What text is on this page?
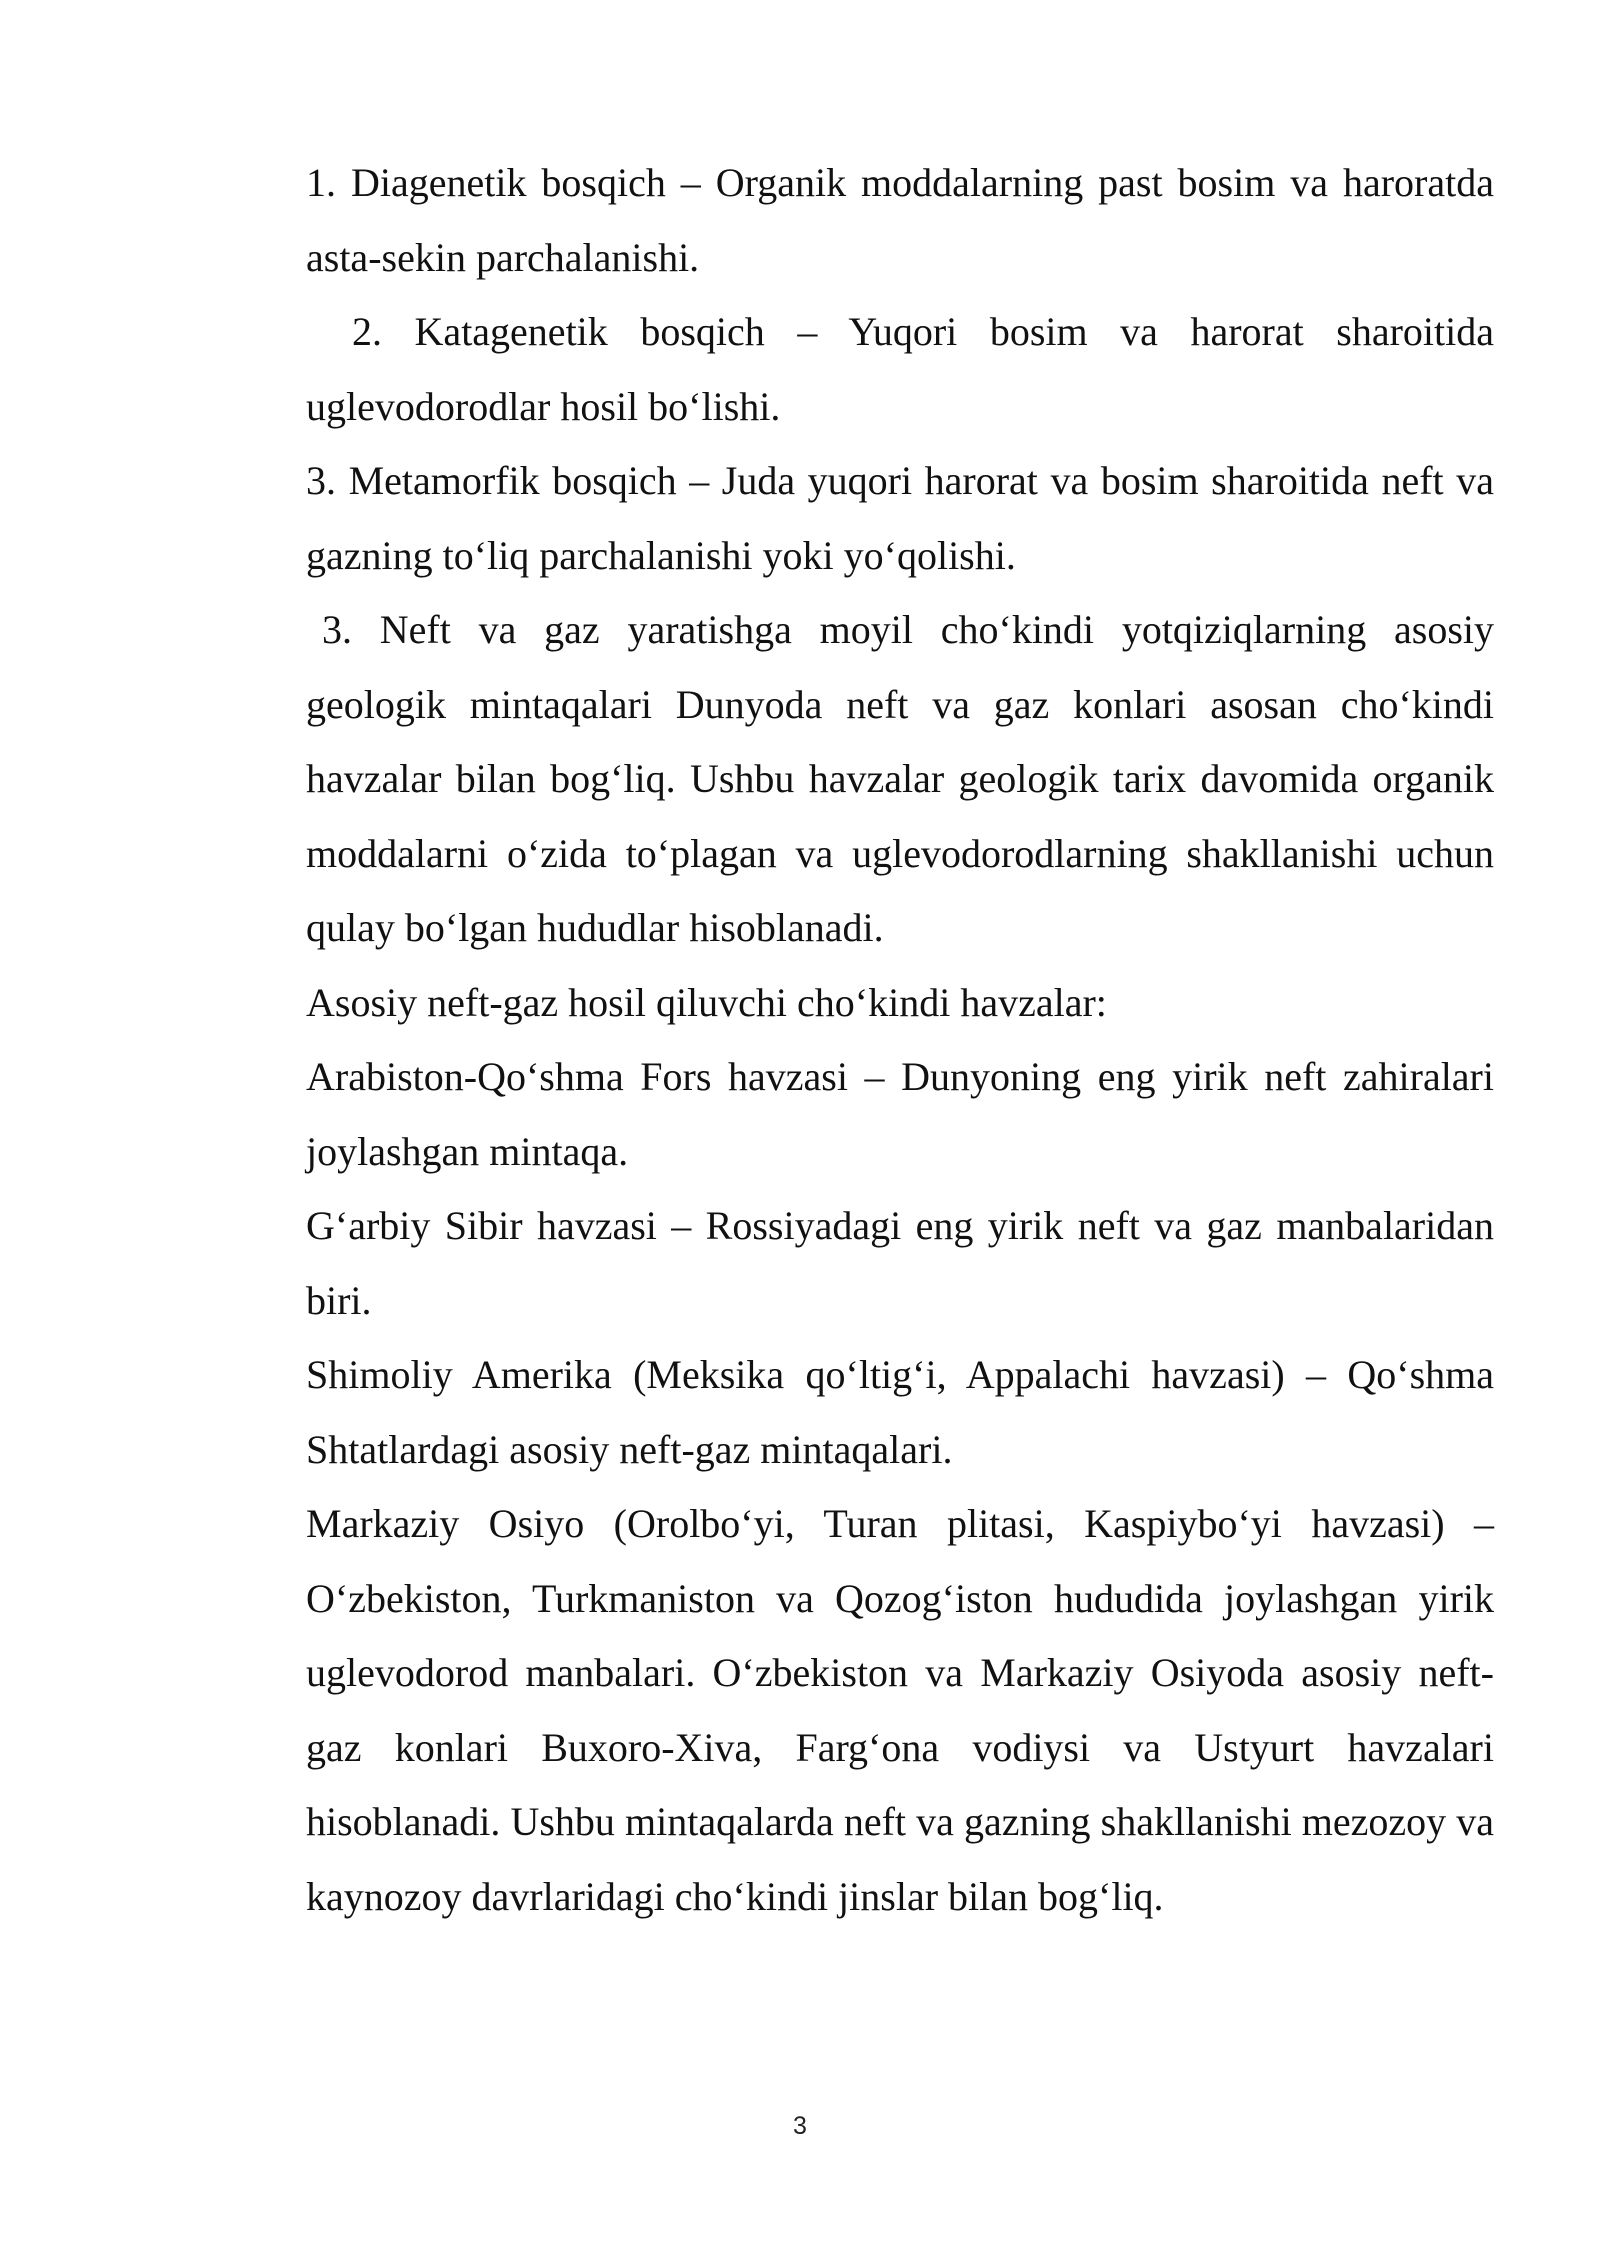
1. Diagenetik bosqich – Organik moddalarning past bosim va haroratda asta-sekin parchalanishi.

2. Katagenetik bosqich – Yuqori bosim va harorat sharoitida uglevodorodlar hosil bo‘lishi.

3. Metamorfik bosqich – Juda yuqori harorat va bosim sharoitida neft va gazning to‘liq parchalanishi yoki yo‘qolishi.

3. Neft va gaz yaratishga moyil cho‘kindi yotqiziqlarning asosiy geologik mintaqalari Dunyoda neft va gaz konlari asosan cho‘kindi havzalar bilan bog‘liq. Ushbu havzalar geologik tarix davomida organik moddalarni o‘zida to‘plagan va uglevodorodlarning shakllanishi uchun qulay bo‘lgan hududlar hisoblanadi.

Asosiy neft-gaz hosil qiluvchi cho‘kindi havzalar:

Arabiston-Qo‘shma Fors havzasi – Dunyoning eng yirik neft zahiralari joylashgan mintaqa.

G‘arbiy Sibir havzasi – Rossiyadagi eng yirik neft va gaz manbalaridan biri.

Shimoliy Amerika (Meksika qo‘ltig‘i, Appalachi havzasi) – Qo‘shma Shtatlardagi asosiy neft-gaz mintaqalari.

Markaziy Osiyo (Orolbo‘yi, Turan plitasi, Kaspiybo‘yi havzasi) – O‘zbekiston, Turkmaniston va Qozog‘iston hududida joylashgan yirik uglevodorod manbalari. O‘zbekiston va Markaziy Osiyoda asosiy neft-gaz konlari Buxoro-Xiva, Farg‘ona vodiysi va Ustyurt havzalari hisoblanadi. Ushbu mintaqalarda neft va gazning shakllanishi mezozoy va kaynozoy davrlaridagi cho‘kindi jinslar bilan bog‘liq.

3
